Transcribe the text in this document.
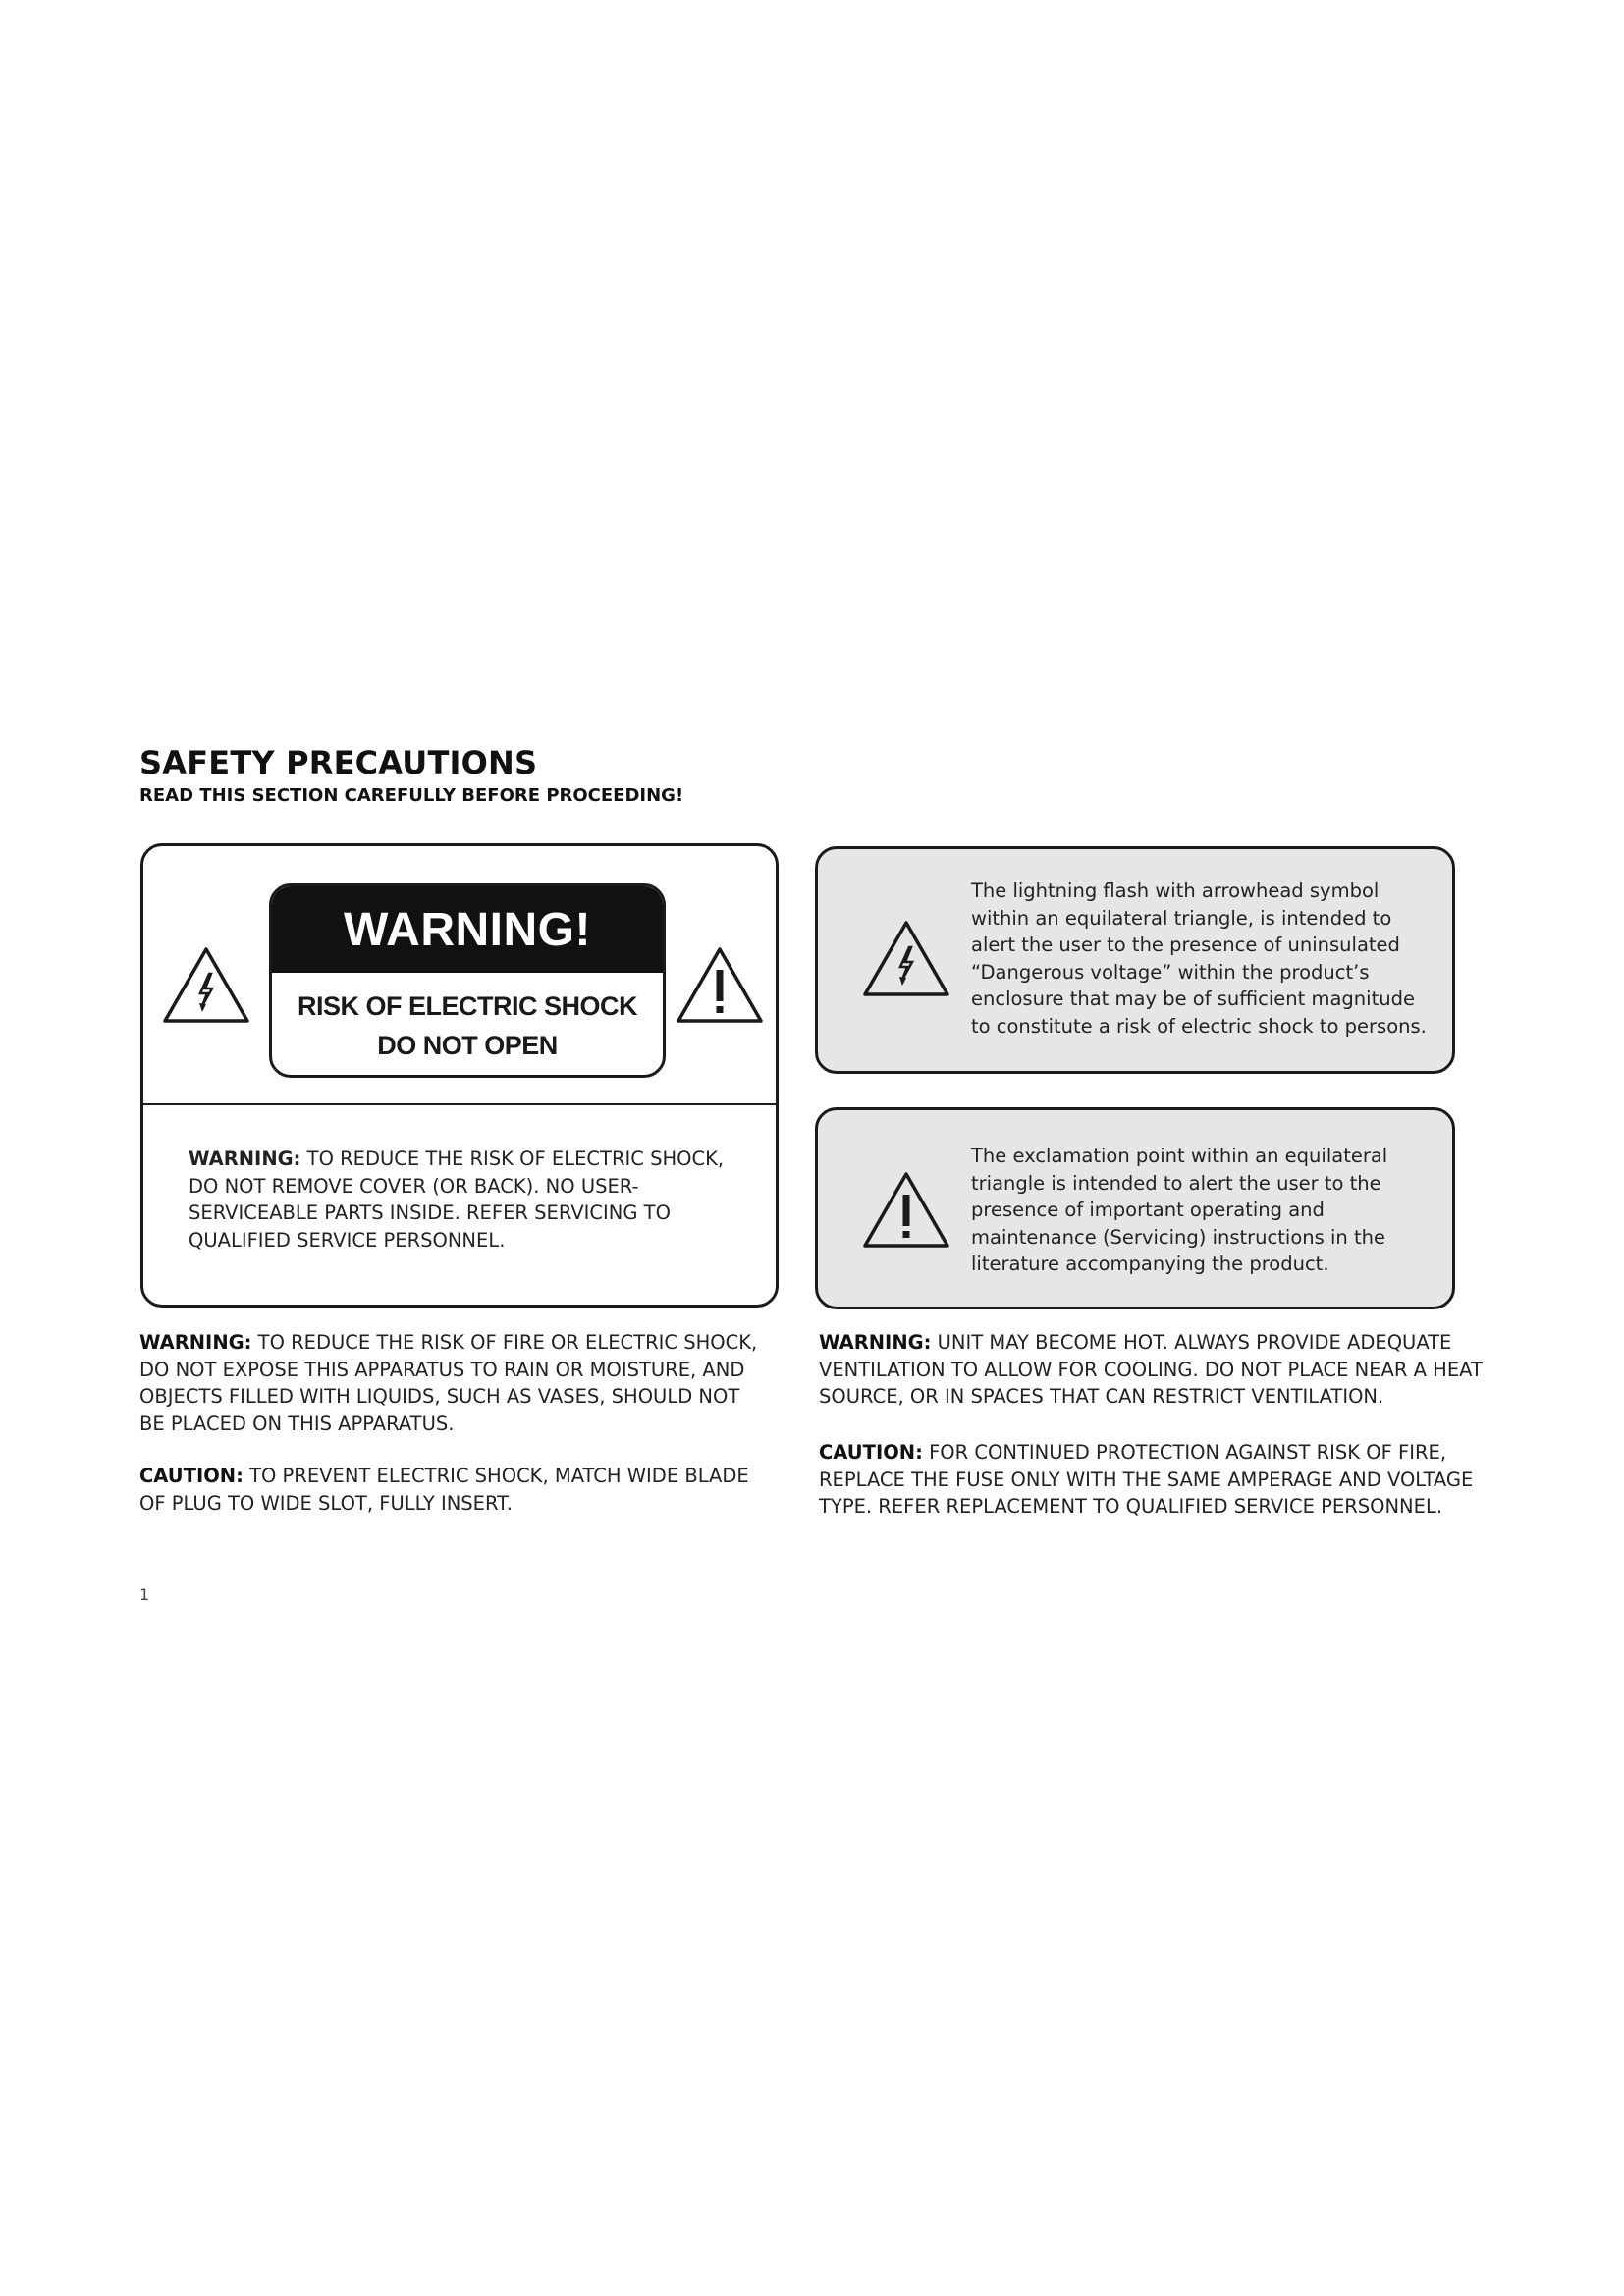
SAFETY PRECAUTIONS
READ THIS SECTION CAREFULLY BEFORE PROCEEDING!
WARNING!
RISK OF ELECTRIC SHOCK
DO NOT OPEN
WARNING: TO REDUCE THE RISK OF ELECTRIC SHOCK, DO NOT REMOVE COVER (OR BACK). NO USER-SERVICEABLE PARTS INSIDE. REFER SERVICING TO QUALIFIED SERVICE PERSONNEL.
The lightning flash with arrowhead symbol within an equilateral triangle, is intended to alert the user to the presence of uninsulated “Dangerous voltage” within the product’s enclosure that may be of sufficient magnitude to constitute a risk of electric shock to persons.
The exclamation point within an equilateral triangle is intended to alert the user to the presence of important operating and maintenance (Servicing) instructions in the literature accompanying the product.
WARNING: TO REDUCE THE RISK OF FIRE OR ELECTRIC SHOCK, DO NOT EXPOSE THIS APPARATUS TO RAIN OR MOISTURE, AND OBJECTS FILLED WITH LIQUIDS, SUCH AS VASES, SHOULD NOT BE PLACED ON THIS APPARATUS.
CAUTION: TO PREVENT ELECTRIC SHOCK, MATCH WIDE BLADE OF PLUG TO WIDE SLOT, FULLY INSERT.
WARNING: UNIT MAY BECOME HOT. ALWAYS PROVIDE ADEQUATE VENTILATION TO ALLOW FOR COOLING. DO NOT PLACE NEAR A HEAT SOURCE, OR IN SPACES THAT CAN RESTRICT VENTILATION.
CAUTION: FOR CONTINUED PROTECTION AGAINST RISK OF FIRE, REPLACE THE FUSE ONLY WITH THE SAME AMPERAGE AND VOLTAGE TYPE. REFER REPLACEMENT TO QUALIFIED SERVICE PERSONNEL.
1
